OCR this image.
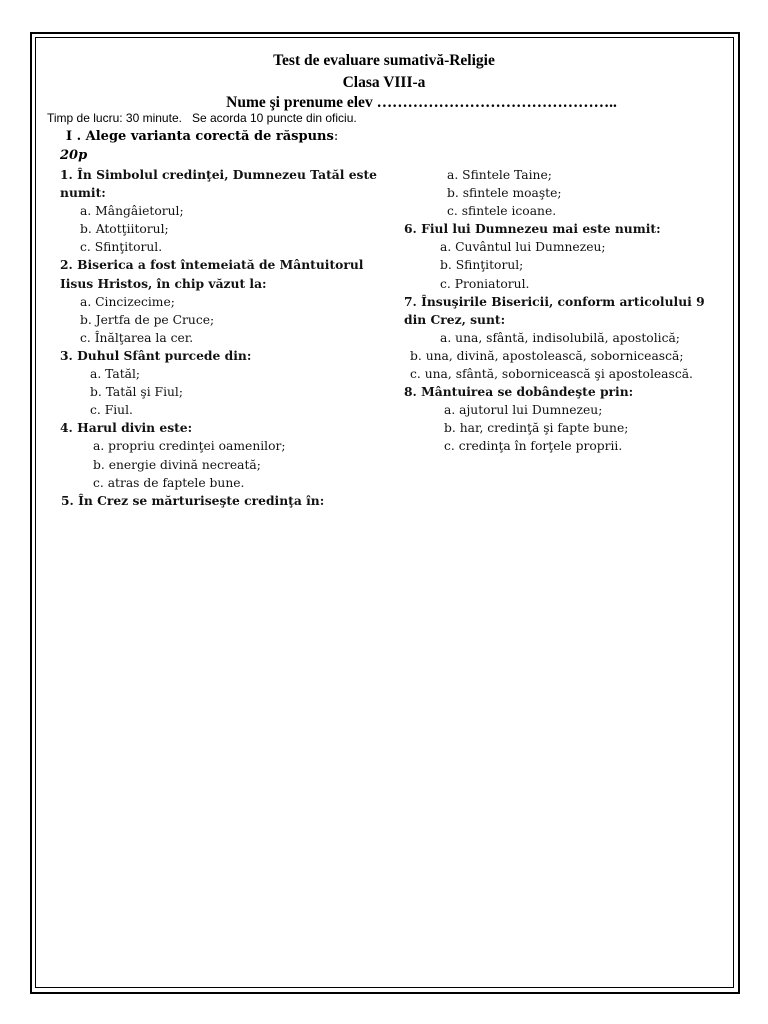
Test de evaluare sumativă-Religie
Clasa VIII-a
Nume şi prenume elev ………………………………………..
Timp de lucru: 30 minute.   Se acorda 10 puncte din oficiu.
I . Alege varianta corectă de răspuns:
20p
1. În Simbolul credinţei, Dumnezeu Tatăl este numit:
a. Mângâietorul;
b. Atotţiitorul;
c. Sfinţitorul.
2. Biserica a fost întemeiată de Mântuitorul Iisus Hristos, în chip văzut la:
a. Cincizecime;
b. Jertfa de pe Cruce;
c. Înălţarea la cer.
3. Duhul Sfânt purcede din:
a. Tatăl;
b. Tatăl şi Fiul;
c. Fiul.
4. Harul divin este:
a. propriu credinţei oamenilor;
b. energie divină necreată;
c. atras de faptele bune.
5. În Crez se mărturiseşte credinţa în:
a. Sfintele Taine;
b. sfintele moaşte;
c. sfintele icoane.
6. Fiul lui Dumnezeu mai este numit:
a. Cuvântul lui Dumnezeu;
b. Sfinţitorul;
c. Proniatorul.
7. Însuşirile Bisericii, conform articolului 9 din Crez, sunt:
a. una, sfântă, indisolubilă, apostolică;
b. una, divină, apostolească, sobornicească;
c. una, sfântă, sobornicească şi apostolească.
8. Mântuirea se dobândeşte prin:
a. ajutorul lui Dumnezeu;
b. har, credinţă şi fapte bune;
c. credinţa în forţele proprii.
